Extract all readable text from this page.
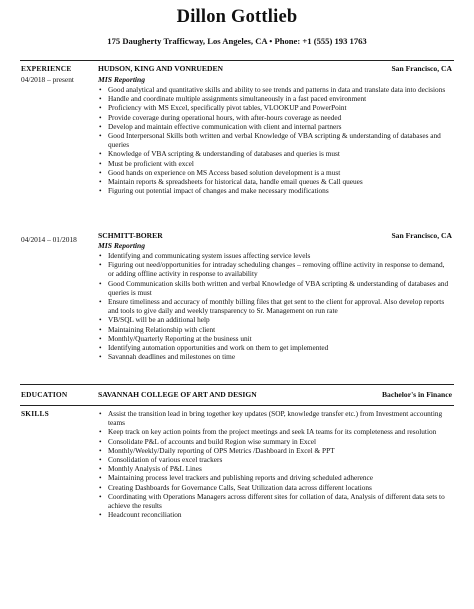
Dillon Gottlieb
175 Daugherty Trafficway, Los Angeles, CA • Phone: +1 (555) 193 1763
EXPERIENCE
04/2018 – present
HUDSON, KING AND VONRUEDEN	San Francisco, CA
MIS Reporting
• Good analytical and quantitative skills and ability to see trends and patterns in data and translate data into decisions
• Handle and coordinate multiple assignments simultaneously in a fast paced environment
• Proficiency with MS Excel, specifically pivot tables, VLOOKUP and PowerPoint
• Provide coverage during operational hours, with after-hours coverage as needed
• Develop and maintain effective communication with client and internal partners
• Good Interpersonal Skills both written and verbal Knowledge of VBA scripting & understanding of databases and queries
• Knowledge of VBA scripting & understanding of databases and queries is must
• Must be proficient with excel
• Good hands on experience on MS Access based solution development is a must
• Maintain reports & spreadsheets for historical data, handle email queues & Call queues
• Figuring out potential impact of changes and make necessary modifications
04/2014 – 01/2018	SCHMITT-BORER	San Francisco, CA
MIS Reporting
• Identifying and communicating system issues affecting service levels
• Figuring out need/opportunities for intraday scheduling changes – removing offline activity in response to demand, or adding offline activity in response to availability
• Good Communication skills both written and verbal Knowledge of VBA scripting & understanding of databases and queries is must
• Ensure timeliness and accuracy of monthly billing files that get sent to the client for approval. Also develop reports and tools to give daily and weekly transparency to Sr. Management on run rate
• VB/SQL will be an additional help
• Maintaining Relationship with client
• Monthly/Quarterly Reporting at the business unit
• Identifying automation opportunities and work on them to get implemented
• Savannah deadlines and milestones on time
EDUCATION	SAVANNAH COLLEGE OF ART AND DESIGN	Bachelor's in Finance
SKILLS	• Assist the transition lead in bring together key updates (SOP, knowledge transfer etc.) from Investment accounting teams
• Keep track on key action points from the project meetings and seek IA teams for its completeness and resolution
• Consolidate P&L of accounts and build Region wise summary in Excel
• Monthly/Weekly/Daily reporting of OPS Metrics /Dashboard in Excel & PPT
• Consolidation of various excel trackers
• Monthly Analysis of P&L Lines
• Maintaining process level trackers and publishing reports and driving scheduled adherence
• Creating Dashboards for Governance Calls, Seat Utilization data across different locations
• Coordinating with Operations Managers across different sites for collation of data, Analysis of different data sets to achieve the results
• Headcount reconciliation
